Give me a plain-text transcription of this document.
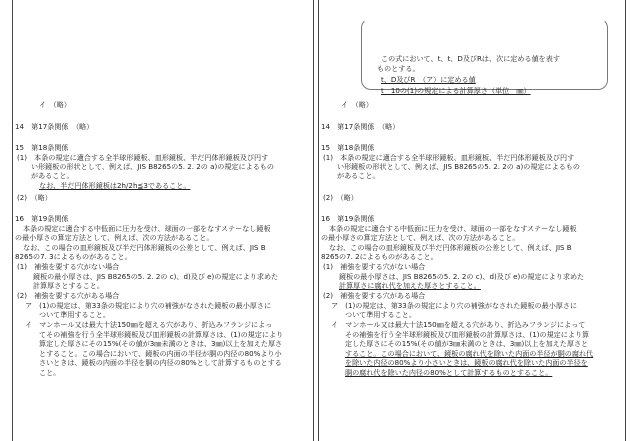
イ　（略）
14　第17条関係　（略）
15　第18条関係
(1)　本条の規定に適合する全半球形鏡板、皿形鏡板、半だ円体形鏡板及び円す
い形鏡板の形状として、例えば、JIS B8265の5. 2. 2の a)の規定によるもの
があること。
なお、半だ円体形鏡板は2h/2h≦3であること。
(2)　（略）
16　第19条関係
本条の規定に適合する中低面に圧力を受け、球面の一部をなすステーなし鏡板
の最小厚さの算定方法として、例えば、次の方法があること。
なお、この場合の皿形鏡板及び半だ円体形鏡板の公差として、例えば、JIS B
8265の7. 3によるものがあること。
(1)　補強を要する穴がない場合
鏡板の最小厚さは、JIS B8265の5. 2. 2の c)、d)及び e)の規定により求めた
計算厚さとすること。
(2)　補強を要する穴がある場合
ア　(1)の規定は、第33条の規定により穴の補強がなされた鏡板の最小厚さに
ついて準用すること。
イ　マンホール又は最大十法150㎜を超える穴があり、折込みフランジによっ
てその補強を行う全半球形鏡板及び皿形鏡板の計算厚さは、(1)の規定により
算定した厚さにその15%(その値が3㎜未満のときは、3㎜)以上を加えた厚さ
とすること。この場合において、鏡板の内面の半径が胴の内径の80%より小
さいときは、鏡板の内面の半径を胴の内径の80%として計算するものとする
こと。
この式において、t、t、D及びRは、次に定める値を表す
ものとする。
t、D及びR　（ア）に定める値
t　10の(1)の規定による計算厚さ（単位　㎜）
イ　（略）
14　第17条関係　（略）
15　第18条関係
(1)　本条の規定に適合する全半球形鏡板、皿形鏡板、半だ円体形鏡板及び円す
い形鏡板の形状として、例えば、JIS B8265の5. 2. 2の a)の規定によるもの
があること。
(2)　（略）
16　第19条関係
本条の規定に適合する中低面に圧力を受け、球面の一部をなすステーなし鏡板
の最小厚さの算定方法として、例えば、次の方法があること。
なお、この場合の皿形鏡板及び半だ円体形鏡板の公差として、例えば、JIS B
8265の7. 2によるものがあること。
(1)　補強を要する穴がない場合
鏡板の最小厚さは、JIS B8265の5. 2. 2の c)、d)及び e)の規定により求めた
計算厚さに腐れ代を加えた厚さとすること。
(2)　補強を要する穴がある場合
ア　(1)の規定は、第33条の規定により穴の補強がなされた鏡板の最小厚さに
ついて準用すること。
イ　マンホール又は最大十法150㎜を超える穴があり、折込みフランジによって
その補強を行う全半球形鏡板及び皿形鏡板の計算厚さは、(1)の規定により算
定した厚さにその15%(その値が3㎜未満のときは、3㎜)以上を加えた厚さと
すること。この場合において、鏡板の腐れ代を除いた内面の半径が胴の腐れ代
を除いた内径の80%より小さいときは、鏡板の腐れ代を除いた内面の半径を
胴の腐れ代を除いた内径の80%として計算するものとすること。
